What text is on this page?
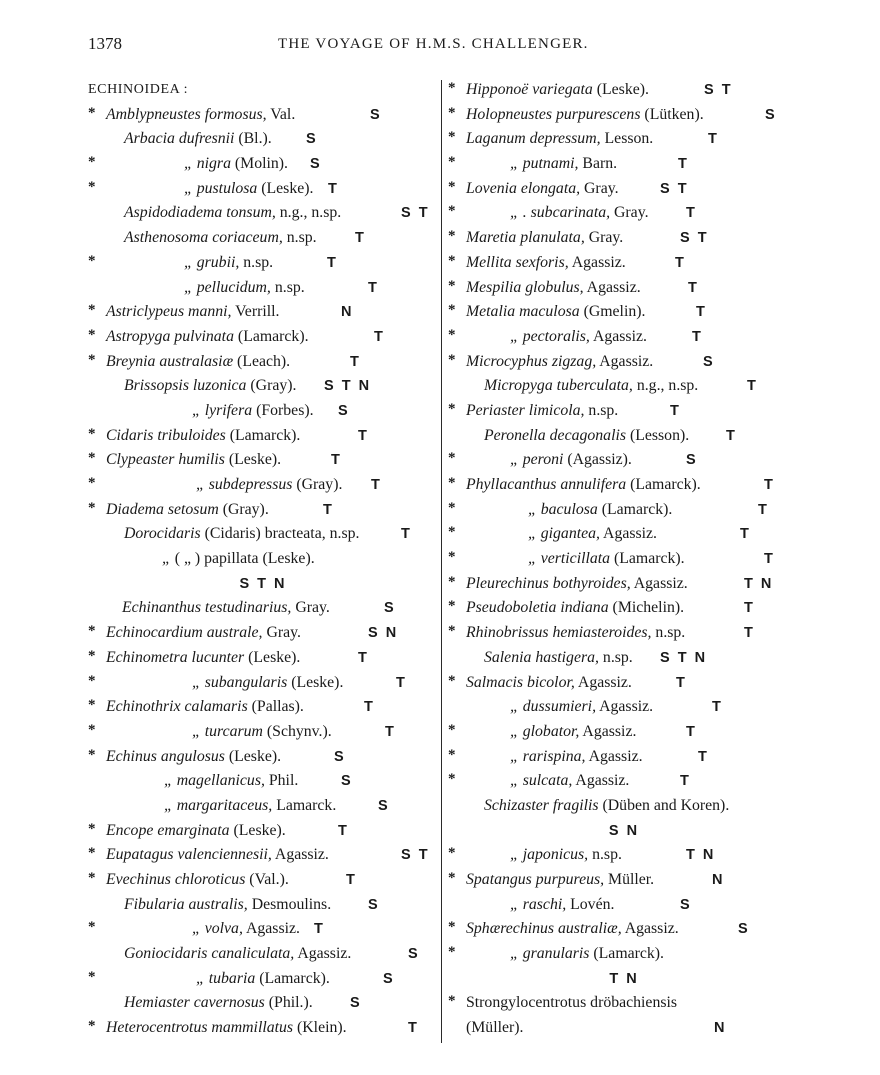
1378	THE VOYAGE OF H.M.S. CHALLENGER.
ECHINOIDEA :
* Amblypneustes formosus, Val.	S
Arbacia dufresnii (Bl.). S
*	„ nigra (Molin). S
*	„ pustulosa (Leske). T
Aspidodiadema tonsum, n.g., n.sp.	S T
Asthenosoma coriaceum, n.sp.	T
*	„ grubii, n.sp.	T
„ pellucidum, n.sp.	T
* Astriclypeus manni, Verrill.	N
* Astropyga pulvinata (Lamarck).	T
* Breynia australasiæ (Leach).	T
Brissopsis luzonica (Gray). S T N
„ lyrifera (Forbes). S
* Cidaris tribuloides (Lamarck).	T
* Clypeaster humilis (Leske).	T
*	„ subdepressus (Gray). T
* Diadema setosum (Gray).	T
Dorocidaris (Cidaris) bracteata, n.sp.	T
„ ( „ ) papillata (Leske).
S T N
Echinanthus testudinarius, Gray.	S
* Echinocardium australe, Gray.	S N
* Echinometra lucunter (Leske).	T
*	„ subangularis (Leske).	T
* Echinothrix calamaris (Pallas).	T
*	„ turcarum (Schynv.).	T
* Echinus angulosus (Leske).	S
„ magellanicus, Phil.	S
„ margaritaceus, Lamarck.	S
* Encope emarginata (Leske).	T
* Eupatagus valenciennesii, Agassiz.	S T
* Evechinus chloroticus (Val.).	T
Fibularia australis, Desmoulins.	S
*	„ volva, Agassiz. T
Goniocidaris canaliculata, Agassiz.	S
*	„ tubaria (Lamarck).	S
Hemiaster cavernosus (Phil.).	S
* Heterocentrotus mammillatus (Klein).	T
* Hipponoë variegata (Leske).	S T
* Holopneustes purpurescens (Lütken).	S
* Laganum depressum, Lesson.	T
*	„ putnami, Barn.	T
* Lovenia elongata, Gray.	S T
*	„ . subcarinata, Gray.	T
* Maretia planulata, Gray.	S T
* Mellita sexforis, Agassiz.	T
* Mespilia globulus, Agassiz.	T
* Metalia maculosa (Gmelin).	T
*	„ pectoralis, Agassiz.	T
* Microcyphus zigzag, Agassiz.	S
Micropyga tuberculata, n.g., n.sp.	T
* Periaster limicola, n.sp.	T
Peronella decagonalis (Lesson).	T
*	„ peroni (Agassiz).	S
* Phyllacanthus annulifera (Lamarck).	T
*	„ baculosa (Lamarck).	T
*	„ gigantea, Agassiz.	T
*	„ verticillata (Lamarck).	T
* Pleurechinus bothyroides, Agassiz.	T N
* Pseudoboletia indiana (Michelin).	T
* Rhinobrissus hemiasteroides, n.sp.	T
Salenia hastigera, n.sp. S T N
* Salmacis bicolor, Agassiz.	T
„ dussumieri, Agassiz.	T
*	„ globator, Agassiz.	T
*	„ rarispina, Agassiz.	T
*	„ sulcata, Agassiz.	T
Schizaster fragilis (Düben and Koren).
S N
*	„ japonicus, n.sp.	T N
* Spatangus purpureus, Müller.	N
„ raschi, Lovén.	S
* Sphærechinus australiæ, Agassiz.	S
*	„ granularis (Lamarck).
T N
* Strongylocentrotus dröbachiensis
(Müller).	N
